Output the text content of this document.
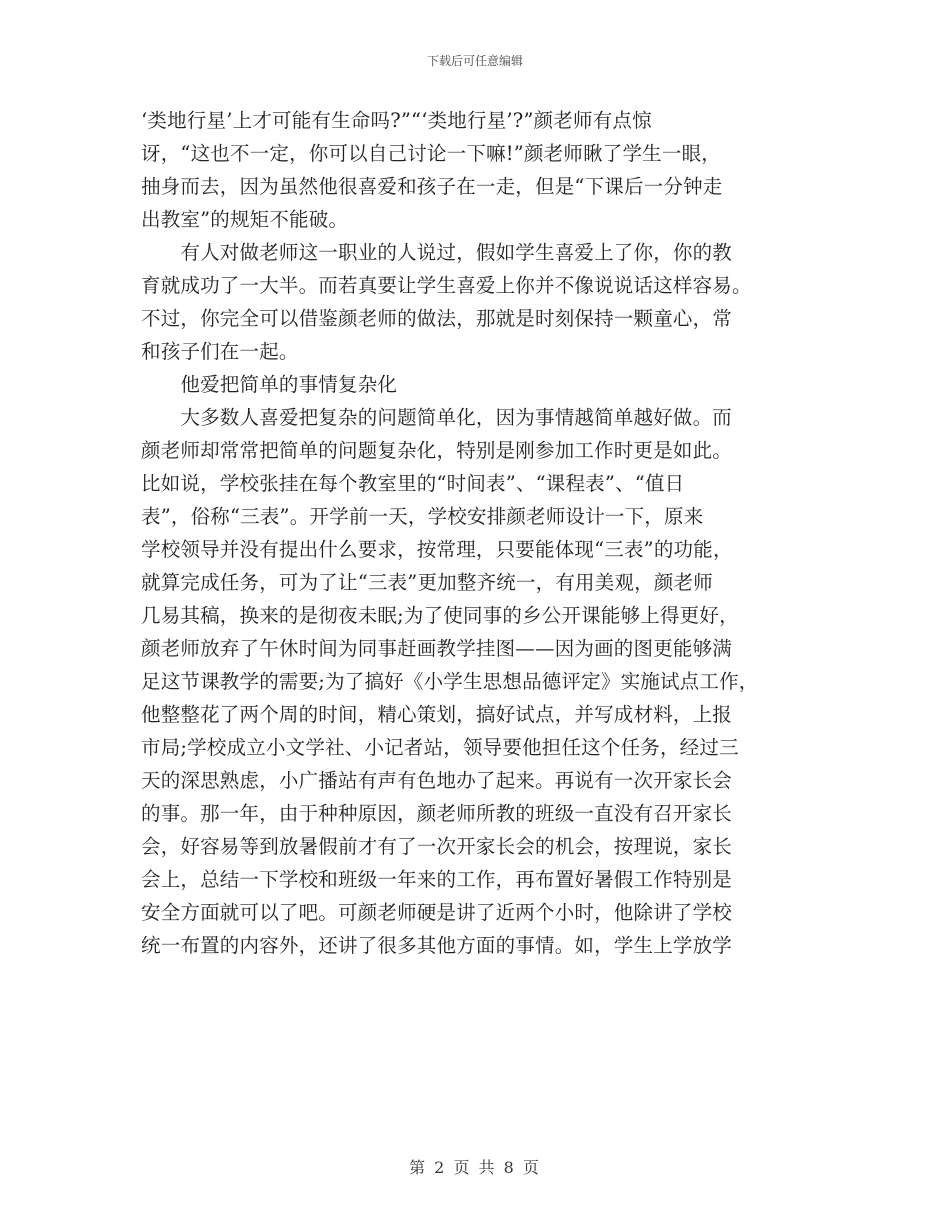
下载后可任意编辑
‘类地行星’上才可能有生命吗?”“‘类地行星’?”颜老师有点惊
讶，“这也不一定，你可以自己讨论一下嘛!”颜老师瞅了学生一眼，
抽身而去，因为虽然他很喜爱和孩子在一走，但是“下课后一分钟走
出教室”的规矩不能破。
　　有人对做老师这一职业的人说过，假如学生喜爱上了你，你的教
育就成功了一大半。而若真要让学生喜爱上你并不像说说话这样容易。
不过，你完全可以借鉴颜老师的做法，那就是时刻保持一颗童心，常
和孩子们在一起。
　　他爱把简单的事情复杂化
　　大多数人喜爱把复杂的问题简单化，因为事情越简单越好做。而
颜老师却常常把简单的问题复杂化，特别是刚参加工作时更是如此。
比如说，学校张挂在每个教室里的“时间表”、“课程表”、“值日
表”，俗称“三表”。开学前一天，学校安排颜老师设计一下，原来
学校领导并没有提出什么要求，按常理，只要能体现“三表”的功能，
就算完成任务，可为了让“三表”更加整齐统一，有用美观，颜老师
几易其稿，换来的是彻夜未眠;为了使同事的乡公开课能够上得更好，
颜老师放弃了午休时间为同事赶画教学挂图——因为画的图更能够满
足这节课教学的需要;为了搞好《小学生思想品德评定》实施试点工作，
他整整花了两个周的时间，精心策划，搞好试点，并写成材料，上报
市局;学校成立小文学社、小记者站，领导要他担任这个任务，经过三
天的深思熟虑，小广播站有声有色地办了起来。再说有一次开家长会
的事。那一年，由于种种原因，颜老师所教的班级一直没有召开家长
会，好容易等到放暑假前才有了一次开家长会的机会，按理说，家长
会上，总结一下学校和班级一年来的工作，再布置好暑假工作特别是
安全方面就可以了吧。可颜老师硬是讲了近两个小时，他除讲了学校
统一布置的内容外，还讲了很多其他方面的事情。如，学生上学放学
第 2 页 共 8 页
